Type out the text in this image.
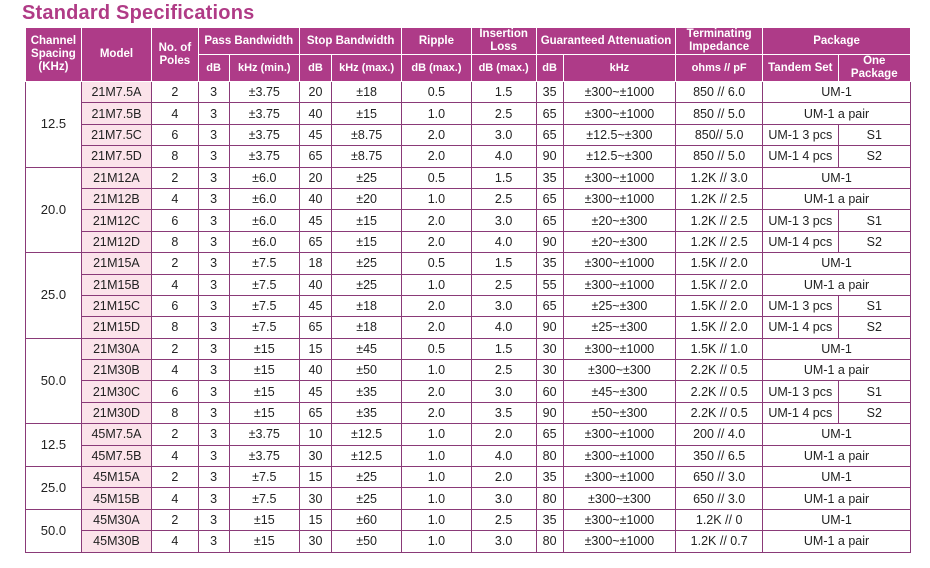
Standard Specifications
Channel Spacing (KHz)	Model	No. of Poles	Pass Bandwidth		Stop Bandwidth		Ripple	Insertion Loss	Guaranteed Attenuation		Terminating Impedance	Package	
												Tandem Set	One Package
			dB	kHz (min.)	dB	kHz (max.)	dB (max.)	dB (max.)	dB	kHz	ohms // pF		
12.5	21M7.5A	2	3	±3.75	20	±18	0.5	1.5	35	±300~±1000	850 // 6.0	UM-1	
	21M7.5B	4	3	±3.75	40	±15	1.0	2.5	65	±300~±1000	850 // 5.0	UM-1 a pair	
	21M7.5C	6	3	±3.75	45	±8.75	2.0	3.0	65	±12.5~±300	850// 5.0	UM-1 3 pcs	S1
	21M7.5D	8	3	±3.75	65	±8.75	2.0	4.0	90	±12.5~±300	850 // 5.0	UM-1 4 pcs	S2
20.0	21M12A	2	3	±6.0	20	±25	0.5	1.5	35	±300~±1000	1.2K // 3.0	UM-1	
	21M12B	4	3	±6.0	40	±20	1.0	2.5	65	±300~±1000	1.2K // 2.5	UM-1 a pair	
	21M12C	6	3	±6.0	45	±15	2.0	3.0	65	±20~±300	1.2K // 2.5	UM-1 3 pcs	S1
	21M12D	8	3	±6.0	65	±15	2.0	4.0	90	±20~±300	1.2K // 2.5	UM-1 4 pcs	S2
25.0	21M15A	2	3	±7.5	18	±25	0.5	1.5	35	±300~±1000	1.5K // 2.0	UM-1	
	21M15B	4	3	±7.5	40	±25	1.0	2.5	55	±300~±1000	1.5K // 2.0	UM-1 a pair	
	21M15C	6	3	±7.5	45	±18	2.0	3.0	65	±25~±300	1.5K // 2.0	UM-1 3 pcs	S1
	21M15D	8	3	±7.5	65	±18	2.0	4.0	90	±25~±300	1.5K // 2.0	UM-1 4 pcs	S2
50.0	21M30A	2	3	±15	15	±45	0.5	1.5	30	±300~±1000	1.5K // 1.0	UM-1	
	21M30B	4	3	±15	40	±50	1.0	2.5	30	±300~±300	2.2K // 0.5	UM-1 a pair	
	21M30C	6	3	±15	45	±35	2.0	3.0	60	±45~±300	2.2K // 0.5	UM-1 3 pcs	S1
	21M30D	8	3	±15	65	±35	2.0	3.5	90	±50~±300	2.2K // 0.5	UM-1 4 pcs	S2
12.5	45M7.5A	2	3	±3.75	10	±12.5	1.0	2.0	65	±300~±1000	200 // 4.0	UM-1	
	45M7.5B	4	3	±3.75	30	±12.5	1.0	4.0	80	±300~±1000	350 // 6.5	UM-1 a pair	
25.0	45M15A	2	3	±7.5	15	±25	1.0	2.0	35	±300~±1000	650 // 3.0	UM-1	
	45M15B	4	3	±7.5	30	±25	1.0	3.0	80	±300~±300	650 // 3.0	UM-1 a pair	
50.0	45M30A	2	3	±15	15	±60	1.0	2.5	35	±300~±1000	1.2K // 0	UM-1	
	45M30B	4	3	±15	30	±50	1.0	3.0	80	±300~±1000	1.2K // 0.7	UM-1 a pair	
